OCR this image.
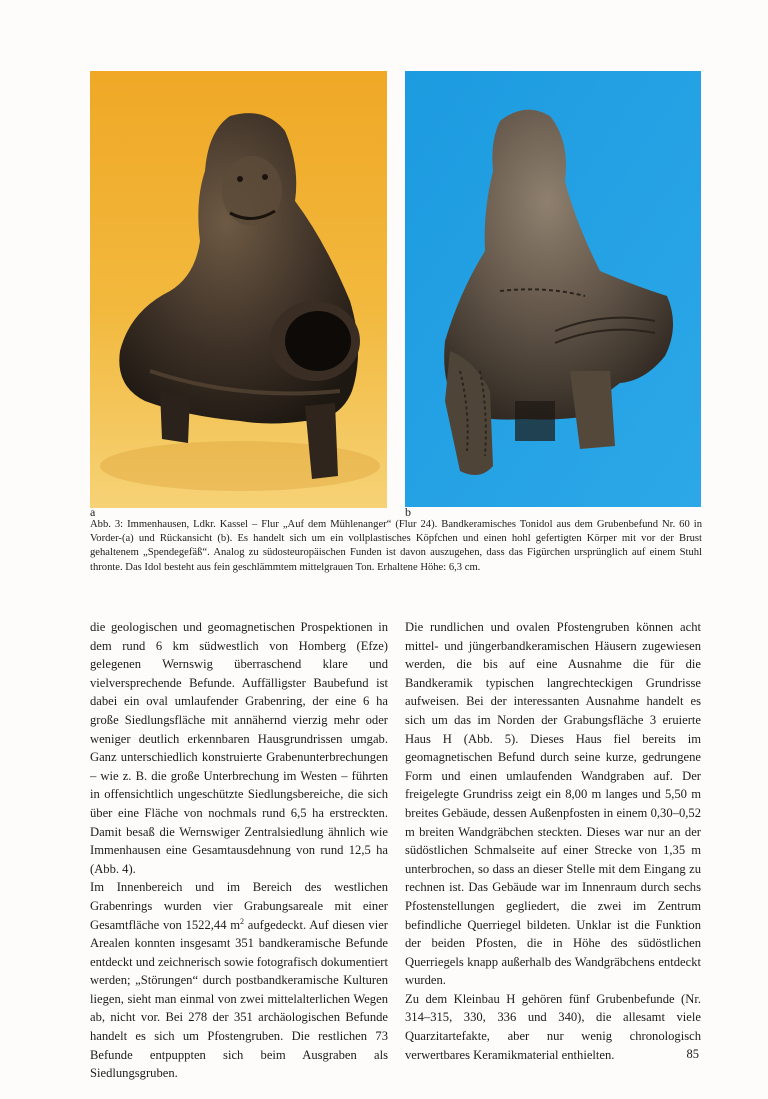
a	b
Abb. 3: Immenhausen, Ldkr. Kassel – Flur „Auf dem Mühlenanger“ (Flur 24). Bandkeramisches Tonidol aus dem Grubenbefund Nr. 60 in Vorder-(a) und Rückansicht (b). Es handelt sich um ein vollplastisches Köpfchen und einen hohl gefertigten Körper mit vor der Brust gehaltenem „Spendegefäß“. Analog zu südosteuropäischen Funden ist davon auszugehen, dass das Figürchen ursprünglich auf einem Stuhl thronte. Das Idol besteht aus fein geschlämmtem mittelgrauen Ton. Erhaltene Höhe: 6,3 cm.

die geologischen und geomagnetischen Prospektionen in dem rund 6 km südwestlich von Homberg (Efze) gelegenen Wernswig überraschend klare und vielversprechende Befunde. Auffälligster Baubefund ist dabei ein oval umlaufender Grabenring, der eine 6 ha große Siedlungsfläche mit annähernd vierzig mehr oder weniger deutlich erkennbaren Hausgrundrissen umgab. Ganz unterschiedlich konstruierte Grabenunterbrechungen – wie z. B. die große Unterbrechung im Westen – führten in offensichtlich ungeschützte Siedlungsbereiche, die sich über eine Fläche von nochmals rund 6,5 ha erstreckten. Damit besaß die Wernswiger Zentralsiedlung ähnlich wie Immenhausen eine Gesamtausdehnung von rund 12,5 ha (Abb. 4).

Im Innenbereich und im Bereich des westlichen Grabenrings wurden vier Grabungsareale mit einer Gesamtfläche von 1522,44 $m^2$ aufgedeckt. Auf diesen vier Arealen konnten insgesamt 351 bandkeramische Befunde entdeckt und zeichnerisch sowie fotografisch dokumentiert werden; „Störungen“ durch postbandkeramische Kulturen liegen, sieht man einmal von zwei mittelalterlichen Wegen ab, nicht vor. Bei 278 der 351 archäologischen Befunde handelt es sich um Pfostengruben. Die restlichen 73 Befunde entpuppten sich beim Ausgraben als Siedlungsgruben.

Die rundlichen und ovalen Pfostengruben können acht mittel- und jüngerbandkeramischen Häusern zugewiesen werden, die bis auf eine Ausnahme die für die Bandkeramik typischen langrechteckigen Grundrisse aufweisen. Bei der interessanten Ausnahme handelt es sich um das im Norden der Grabungsfläche 3 eruierte Haus H (Abb. 5). Dieses Haus fiel bereits im geomagnetischen Befund durch seine kurze, gedrungene Form und einen umlaufenden Wandgraben auf. Der freigelegte Grundriss zeigt ein 8,00 m langes und 5,50 m breites Gebäude, dessen Außenpfosten in einem 0,30–0,52 m breiten Wandgräbchen steckten. Dieses war nur an der südöstlichen Schmalseite auf einer Strecke von 1,35 m unterbrochen, so dass an dieser Stelle mit dem Eingang zu rechnen ist. Das Gebäude war im Innenraum durch sechs Pfostenstellungen gegliedert, die zwei im Zentrum befindliche Querriegel bildeten. Unklar ist die Funktion der beiden Pfosten, die in Höhe des südöstlichen Querriegels knapp außerhalb des Wandgräbchens entdeckt wurden.

Zu dem Kleinbau H gehören fünf Grubenbefunde (Nr. 314–315, 330, 336 und 340), die allesamt viele Quarzitartefakte, aber nur wenig chronologisch verwertbares Keramikmaterial enthielten.	85
